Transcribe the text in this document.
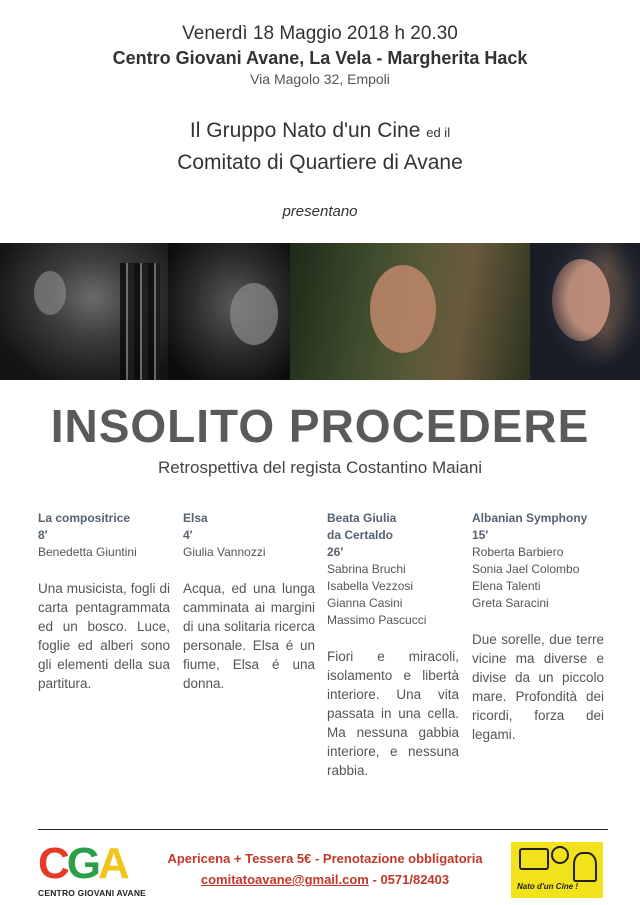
Venerdì 18 Maggio 2018 h 20.30
Centro Giovani Avane, La Vela - Margherita Hack
Via Magolo 32, Empoli
Il Gruppo Nato d'un Cine ed il
Comitato di Quartiere di Avane
presentano
INSOLITO PROCEDERE
Retrospettiva del regista Costantino Maiani
La compositrice
8′
Benedetta Giuntini
Una musicista, fogli di carta pentagrammata ed un bosco. Luce, foglie ed alberi sono gli elementi della sua partitura.
Elsa
4′
Giulia Vannozzi
Acqua, ed una lunga camminata ai margini di una solitaria ricerca personale. Elsa é un fiume, Elsa é una donna.
Beata Giulia
da Certaldo
26′
Sabrina Bruchi
Isabella Vezzosi
Gianna Casini
Massimo Pascucci
Fiori e miracoli, isolamento e libertà interiore. Una vita passata in una cella. Ma nessuna gabbia interiore, e nessuna rabbia.
Albanian Symphony
15′
Roberta Barbiero
Sonia Jael Colombo
Elena Talenti
Greta Saracini
Due sorelle, due terre vicine ma diverse e divise da un piccolo mare. Profondità dei ricordi, forza dei legami.
CGA
CENTRO GIOVANI AVANE
Apericena + Tessera 5€ - Prenotazione obbligatoria
comitatoavane@gmail.com - 0571/82403	Nato d'un Cine !
